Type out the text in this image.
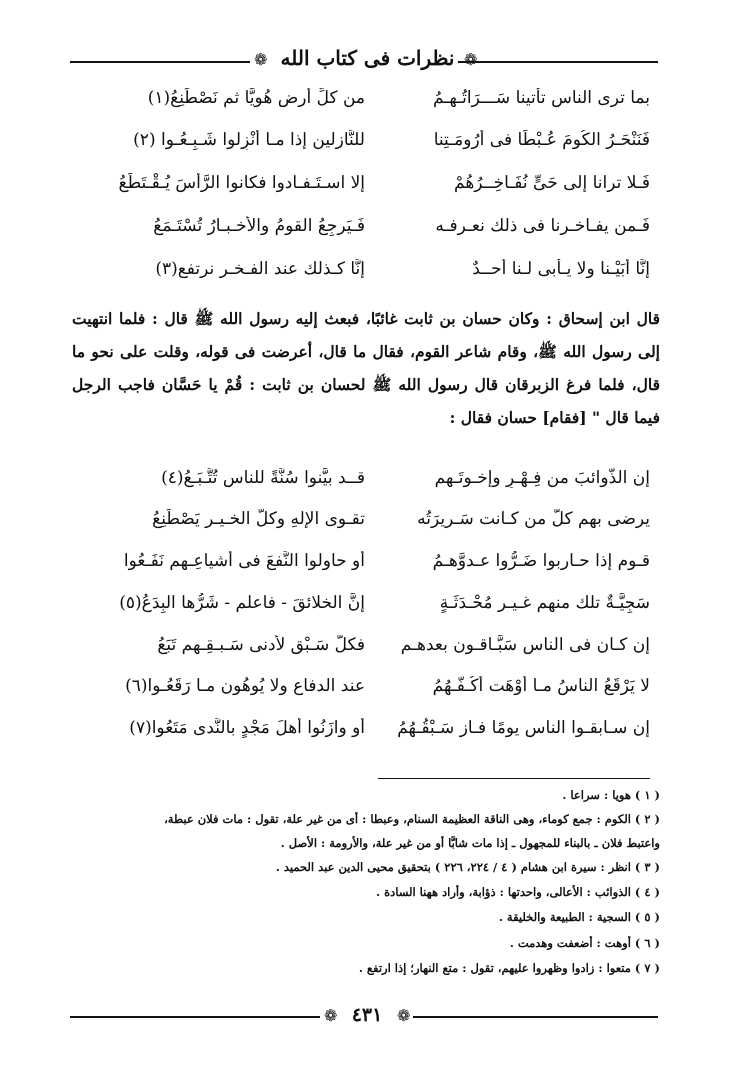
❁ نظرات فى كتاب الله ❁
بما ترى الناس تأتينا سَـــرَاتُـهـمُ
من كلِّ أرضٍ هُويًّا ثم نَصْطَنِعُ(١)
فَنَنْحَـرُ الكُومَ عُـبْطًا فى أرُومَـتِنا
للنَّازلين إذا مـا أُنْزِلوا شَـبِـعُـوا (٢)
فَـلا ترانا إلى حَىٍّ نُفَـاخِــرُهُمْ
إلا اسـتَـفـادوا فكانوا الرَّأْسَ يُـقْـتَطَعُ
فَـمن يفـاخـرنا فى ذلك نعـرفـه
فَـيَرجِعُ القومُ والأخـبـارُ تُسْتَـمَعُ
إنَّا أَبَيْـنا ولا يـأبى لـنا أحــدٌ
إنَّا كـذلك عند الفـخـر نرتفع(٣)

قال ابن إسحاق : وكان حسان بن ثابت غائبًا، فبعث إليه رسول الله ﷺ قال : فلما انتهيت إلى رسول الله ﷺ، وقام شاعر القوم، فقال ما قال، أعرضت فى قوله، وقلت على نحو ما قال، فلما فرغ الزبرقان قال رسول الله ﷺ لحسان بن ثابت : قُمْ يا حَسَّان فاجب الرجل فيما قال " [فقام] حسان فقال :

إن الذَّوائبَ من فِـهْـرٍ وإخـوتَـهم
قــد بيَّنوا سُنَّةً للناس تُتَّـبَـعُ(٤)
يرضى بهم كلُّ من كـانت سَـريرَتُه
تقـوى الإلهِ وكلَّ الخـيـر يَصْطَنِعُ
قـوم إذا حـاربوا ضَـرُّوا عـدوَّهـمُ
أو حاولوا النَّفعَ فى أشياعِـهم نَفَـعُوا
سَجِيَّـةٌ تلك منهم غـيـر مُحْـدَثَـةٍ
إنَّ الخلائقَ - فاعلم - شَرُّها البِدَعُ(٥)
إن كـان فى الناس سَبَّـاقـون بعدهـم
فكلُّ سَـبْقٍ لأدنى سَـبـقِـهم تَبَعُ
لا يَرْقَعُ الناسُ مـا أوْهَت أكُـفُّـهُمُ
عند الدفاع ولا يُوهُون مـا رَقَعُـوا(٦)
إن سـابقـوا الناس يومًا فـاز سَـبْقُـهُمُ
أو وازَنُوا أهلَ مَجْدٍ بالنَّدى مَتَعُوا(٧)
( ١ ) هويا : سراعا .
( ٢ ) الكوم : جمع كوماء، وهى الناقة العظيمة السنام، وعبطا : أى من غير علة، تقول : مات فلان عبطة،
واعتبط فلان ـ بالبناء للمجهول ـ إذا مات شابًّا أو من غير علة، والأرومة : الأصل .
( ٣ ) انظر : سيرة ابن هشام ( ٤ / ٢٢٤، ٢٢٦ ) بتحقيق محيى الدين عبد الحميد .
( ٤ ) الذوائب : الأعالى، واحدتها : ذؤابة، وأراد ههنا السادة .
( ٥ ) السجية : الطبيعة والخليقة .
( ٦ ) أوهت : أضعفت وهدمت .
( ٧ ) متعوا : زادوا وظهروا عليهم، تقول : متع النهار؛ إذا ارتفع .
❁ ٤٣١ ❁
